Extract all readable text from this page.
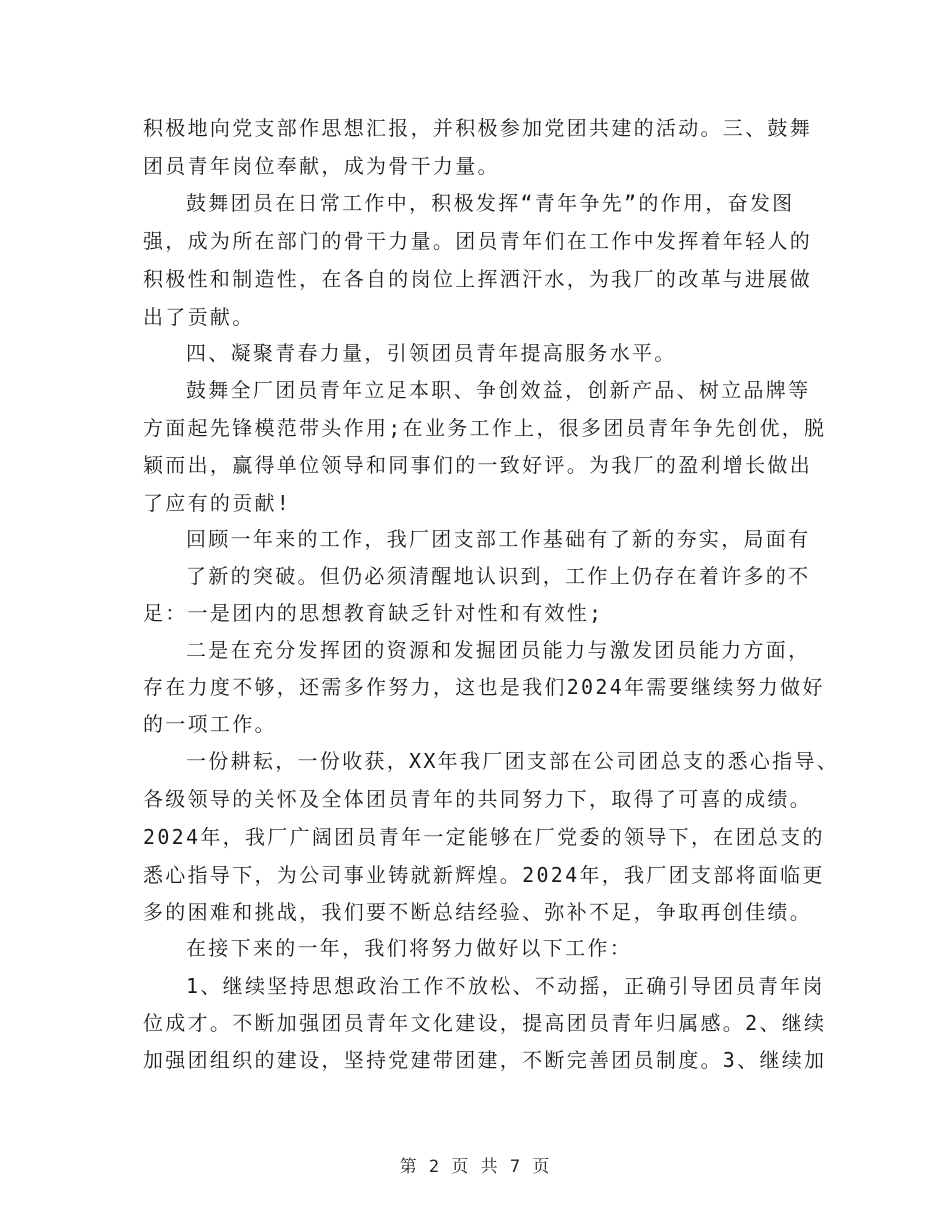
积极地向党支部作思想汇报，并积极参加党团共建的活动。三、鼓舞
团员青年岗位奉献，成为骨干力量。
鼓舞团员在日常工作中，积极发挥“青年争先”的作用，奋发图
强，成为所在部门的骨干力量。团员青年们在工作中发挥着年轻人的
积极性和制造性，在各自的岗位上挥洒汗水，为我厂的改革与进展做
出了贡献。
四、凝聚青春力量，引领团员青年提高服务水平。
鼓舞全厂团员青年立足本职、争创效益，创新产品、树立品牌等
方面起先锋模范带头作用;在业务工作上，很多团员青年争先创优，脱
颖而出，赢得单位领导和同事们的一致好评。为我厂的盈利增长做出
了应有的贡献!
回顾一年来的工作，我厂团支部工作基础有了新的夯实，局面有
了新的突破。但仍必须清醒地认识到，工作上仍存在着许多的不
足：一是团内的思想教育缺乏针对性和有效性;
二是在充分发挥团的资源和发掘团员能力与激发团员能力方面，
存在力度不够，还需多作努力，这也是我们2024年需要继续努力做好
的一项工作。
一份耕耘，一份收获，XX年我厂团支部在公司团总支的悉心指导、
各级领导的关怀及全体团员青年的共同努力下，取得了可喜的成绩。
2024年，我厂广阔团员青年一定能够在厂党委的领导下，在团总支的
悉心指导下，为公司事业铸就新辉煌。2024年，我厂团支部将面临更
多的困难和挑战，我们要不断总结经验、弥补不足，争取再创佳绩。
在接下来的一年，我们将努力做好以下工作：
1、继续坚持思想政治工作不放松、不动摇，正确引导团员青年岗
位成才。不断加强团员青年文化建设，提高团员青年归属感。2、继续
加强团组织的建设，坚持党建带团建，不断完善团员制度。3、继续加
第 2 页 共 7 页
